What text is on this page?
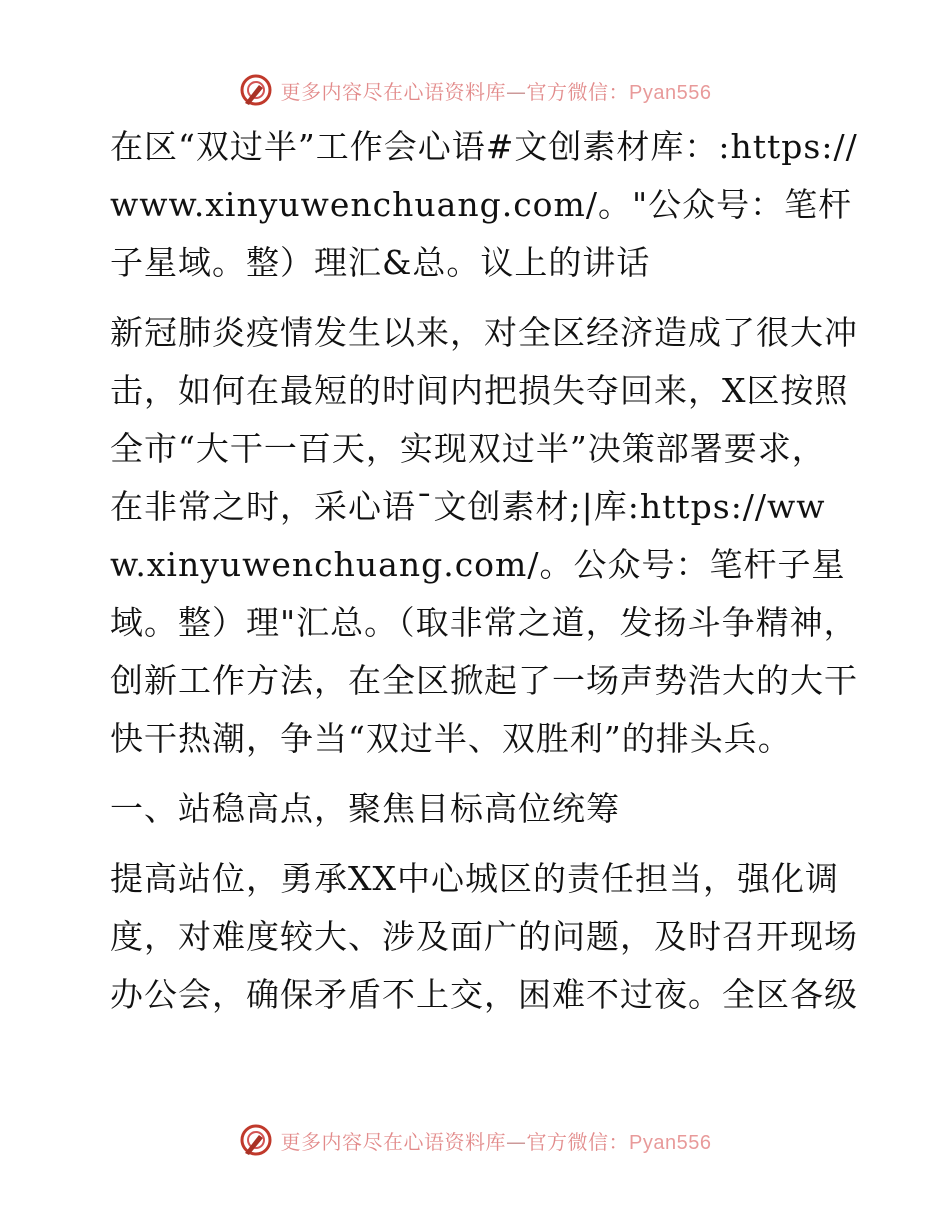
更多内容尽在心语资料库—官方微信：Pyan556

在区“双过半”工作会心语#文创素材库：:https://www.xinyuwenchuang.com/。"公众号：笔杆子星域。整）理汇&总。议上的讲话

新冠肺炎疫情发生以来，对全区经济造成了很大冲击，如何在最短的时间内把损失夺回来，X区按照全市“大干一百天，实现双过半”决策部署要求，在非常之时，采心语¯文创素材;|库:https://www.xinyuwenchuang.com/。公众号：笔杆子星域。整）理"汇总。（取非常之道，发扬斗争精神，创新工作方法，在全区掀起了一场声势浩大的大干快干热潮，争当“双过半、双胜利”的排头兵。

一、站稳高点，聚焦目标高位统筹

提高站位，勇承XX中心城区的责任担当，强化调度，对难度较大、涉及面广的问题，及时召开现场办公会，确保矛盾不上交，困难不过夜。全区各级

更多内容尽在心语资料库—官方微信：Pyan556
